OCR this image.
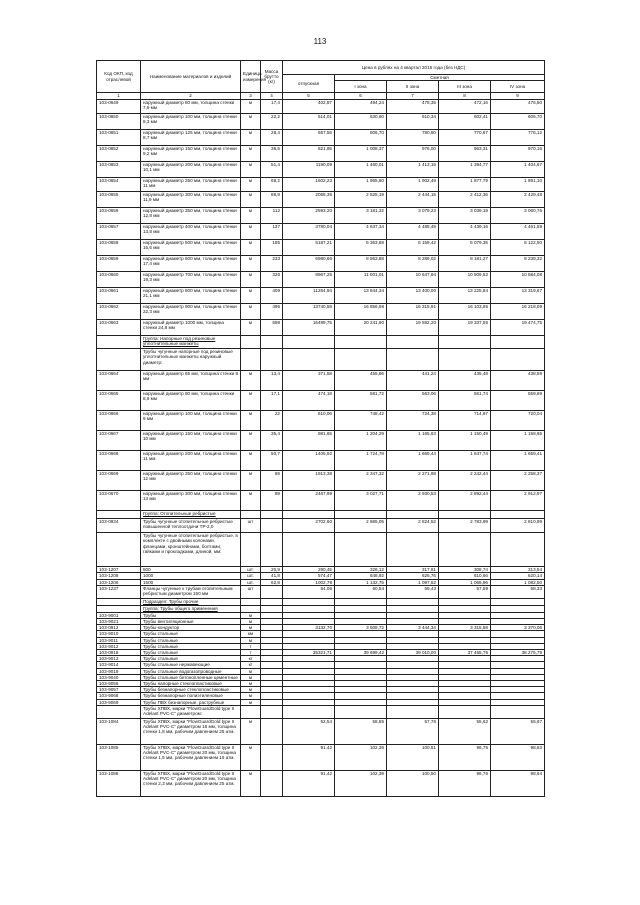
113
Код ОКП, код отраслевой	Наименование материалов и изделий	Единица измерения	Масса брутто (кг)	Цена в рублях на 4 квартал 2015 года (без НДС)				
				отпускная	Сметная			
					I зона	II зона	III зона	IV зона
1	2	3	4	5	6	7	8	9
103-0649	наружный диаметр 80 мм, толщина стенки 7,9 мм	м	17,4	402,87	494,24	478,35	472,16	476,50
103-0650	наружный диаметр 100 мм, толщина стенки 8,3 мм	м	22,2	514,01	630,60	610,34	602,41	606,70
103-0651	наружный диаметр 125 мм, толщина стенки 8,7 мм	м	28,4	657,56	806,70	780,80	770,67	776,12
103-0652	наружный диаметр 150 мм, толщина стенки 9,2 мм	м	35,5	821,95	1 008,37	976,00	963,31	970,16
103-0653	наружный диаметр 200 мм, толщина стенки 10,1 мм	м	51,4	1190,09	1 460,01	1 413,15	1 394,77	1 404,67
103-0654	наружный диаметр 250 мм, толщина стенки 11 мм	м	69,2	1602,23	1 965,60	1 902,49	1 877,79	1 891,10
103-0655	наружный диаметр 300 мм, толщина стенки 11,9 мм	м	88,9	2058,35	2 525,19	2 444,15	2 412,36	2 429,48
103-0656	наружный диаметр 350 мм, толщина стенки 12,8 мм	м	112	2593,20	3 181,32	3 079,23	3 039,19	3 060,76
103-0657	наружный диаметр 400 мм, толщина стенки 13,8 мм	м	137	3780,04	4 637,34	4 485,49	4 439,16	4 461,59
103-0658	наружный диаметр 500 мм, толщина стенки 15,6 мм	м	185	5187,21	6 363,68	6 159,42	6 079,35	6 122,50
103-0659	наружный диаметр 600 мм, толщина стенки 17,4 мм	м	233	6980,66	8 563,88	8 289,02	8 181,27	8 239,32
103-0660	наружный диаметр 700 мм, толщина стенки 19,3 мм	м	326	8967,25	11 001,01	10 647,94	10 509,52	10 584,08
103-0661	наружный диаметр 800 мм, толщина стенки 21,1 мм	м	409	11264,94	13 844,34	13 400,00	13 225,84	13 319,67
103-0662	наружный диаметр 900 мм, толщина стенки 22,3 мм	м	495	13740,59	16 856,98	16 315,91	16 103,85	16 218,09
103-0663	наружный диаметр 1000 мм, толщина стенки 24,8 мм	м	598	16499,75	20 241,90	19 592,20	19 337,55	19 474,75
	Группа: Напорные под резиновые уплотнительные манжеты							
	Трубы чугунные напорные под резиновые уплотнительные манжеты наружный диаметр:							
103-0664	наружный диаметр 65 мм, толщина стенки 8 мм	м	13,4	371,58	455,86	441,24	435,48	438,59
103-0665	наружный диаметр 80 мм, толщина стенки 8,6 мм	м	17,1	474,18	581,72	563,06	561,74	559,69
103-0666	наружный диаметр 100 мм, толщина стенки 9 мм	м	22	610,06	748,42	724,38	714,97	720,04
103-0667	наружный диаметр 150 мм, толщина стенки 10 мм	м	35,4	981,65	1 204,29	1 165,63	1 150,49	1 158,65
103-0668	наружный диаметр 200 мм, толщина стенки 11 мм	м	50,7	1405,92	1 724,78	1 669,44	1 647,74	1 659,41
103-0669	наружный диаметр 250 мм, толщина стенки 12 мм	м	69	1913,38	2 347,32	2 271,98	2 242,44	2 258,37
103-0670	наружный диаметр 300 мм, толщина стенки 13 мм	м	89	2467,99	3 027,71	2 930,53	2 892,44	2 912,97
	Группа: Отопительные ребристые							
103-0934	Трубы чугунные отопительные ребристые повышенной теплоотдачи ТР-2,0	шт		2702,60	2 865,05	2 824,52	2 783,99	2 810,99
	Трубы чугунные отопительные ребристые, в комплекте с двойными колонами, фланцами, кронштейнами, болтами, гайками и прокладками, длиной, мм:							
103-1207	500	шт.	20,9	290,45	326,12	317,81	308,74	313,54
103-1208	1000	шт.	41,8	574,47	648,92	626,76	610,66	620,14
103-1206	1500	шт.	62,8	1002,78	1 132,75	1 097,52	1 065,96	1 082,50
103-1237	Фланцы чугунные к трубам отопительным ребристым диаметром 150 мм	шт		54,06	60,54	59,43	57,59	58,33
	Подраздел: Трубы прочие							
	Группа: Трубы общего применения							
103-9001	Трубы	м						
103-9021	Трубы вентиляционные	м						
103-0912	Трубы-кондуктор	м		3132,70	3 508,72	3 444,34	3 315,58	3 370,06
103-9010	Трубы стальные	км						
103-9011	Трубы стальные	м						
103-9012	Трубы стальные	т						
103-0918	Трубы стальные	т		35321,71	39 699,42	39 010,00	37 465,75	38 275,79
103-9013	Трубы стальные	кг						
103-9014	Трубы стальные нержавеющие	кг						
103-9019	Трубы стальные водогазопроводные	м						
103-9040	Трубы стальные бетонопленные цементные	м						
103-9056	Трубы напорные стеклопластиковые	м						
103-9057	Трубы безнапорные стеклопластиковые	м						
103-9068	Трубы безнапорные полиэтиленовые	м						
103-9069	Трубы ПВХ безнапорные, раструбные	м						
	Трубы ХПВХ, марки "FlowGuardGold type II Adelant PVC-C" диаметром:							
103-1084	Трубы ХПВХ, марки "FlowGuardGold type II Adelant PVC-C" диаметром 16 мм, толщина стенки 1,8 мм, рабочим давлением 25 атм.	м		52,54	58,85	57,76	55,62	56,67
103-1085	Трубы ХПВХ, марки "FlowGuardGold type II Adelant PVC-C" диаметром 20 мм, толщина стенки 1,5 мм, рабочим давлением 16 атм.	м		91,42	102,39	100,51	96,75	98,63
103-1086	Трубы ХПВХ, марки "FlowGuardGold type II Adelant PVC-C" диаметром 20 мм, толщина стенки 2,3 мм, рабочим давлением 25 атм.	м		91,42	102,39	100,50	96,76	98,64
